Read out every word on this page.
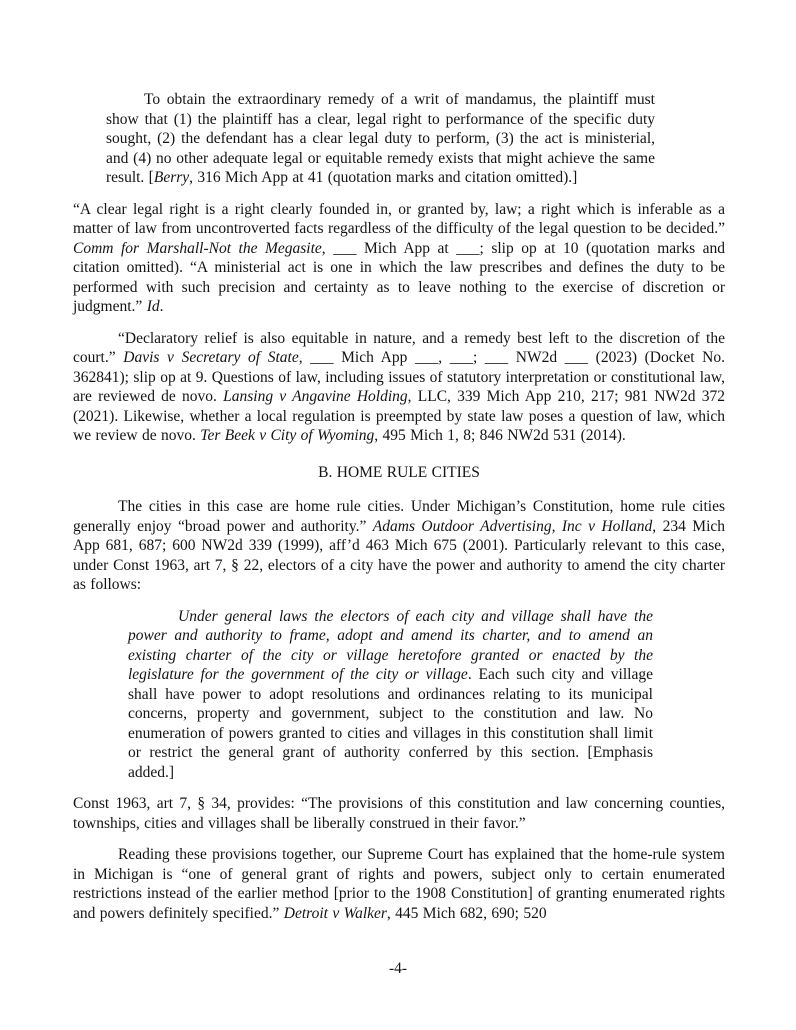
To obtain the extraordinary remedy of a writ of mandamus, the plaintiff must show that (1) the plaintiff has a clear, legal right to performance of the specific duty sought, (2) the defendant has a clear legal duty to perform, (3) the act is ministerial, and (4) no other adequate legal or equitable remedy exists that might achieve the same result. [Berry, 316 Mich App at 41 (quotation marks and citation omitted).]

“A clear legal right is a right clearly founded in, or granted by, law; a right which is inferable as a matter of law from uncontroverted facts regardless of the difficulty of the legal question to be decided.” Comm for Marshall-Not the Megasite, ___ Mich App at ___; slip op at 10 (quotation marks and citation omitted). “A ministerial act is one in which the law prescribes and defines the duty to be performed with such precision and certainty as to leave nothing to the exercise of discretion or judgment.” Id.

“Declaratory relief is also equitable in nature, and a remedy best left to the discretion of the court.” Davis v Secretary of State, ___ Mich App ___, ___; ___ NW2d ___ (2023) (Docket No. 362841); slip op at 9. Questions of law, including issues of statutory interpretation or constitutional law, are reviewed de novo. Lansing v Angavine Holding, LLC, 339 Mich App 210, 217; 981 NW2d 372 (2021). Likewise, whether a local regulation is preempted by state law poses a question of law, which we review de novo. Ter Beek v City of Wyoming, 495 Mich 1, 8; 846 NW2d 531 (2014).

B. HOME RULE CITIES

The cities in this case are home rule cities. Under Michigan’s Constitution, home rule cities generally enjoy “broad power and authority.” Adams Outdoor Advertising, Inc v Holland, 234 Mich App 681, 687; 600 NW2d 339 (1999), aff’d 463 Mich 675 (2001). Particularly relevant to this case, under Const 1963, art 7, § 22, electors of a city have the power and authority to amend the city charter as follows:

Under general laws the electors of each city and village shall have the power and authority to frame, adopt and amend its charter, and to amend an existing charter of the city or village heretofore granted or enacted by the legislature for the government of the city or village. Each such city and village shall have power to adopt resolutions and ordinances relating to its municipal concerns, property and government, subject to the constitution and law. No enumeration of powers granted to cities and villages in this constitution shall limit or restrict the general grant of authority conferred by this section. [Emphasis added.]

Const 1963, art 7, § 34, provides: “The provisions of this constitution and law concerning counties, townships, cities and villages shall be liberally construed in their favor.”

Reading these provisions together, our Supreme Court has explained that the home-rule system in Michigan is “one of general grant of rights and powers, subject only to certain enumerated restrictions instead of the earlier method [prior to the 1908 Constitution] of granting enumerated rights and powers definitely specified.” Detroit v Walker, 445 Mich 682, 690; 520

-4-
